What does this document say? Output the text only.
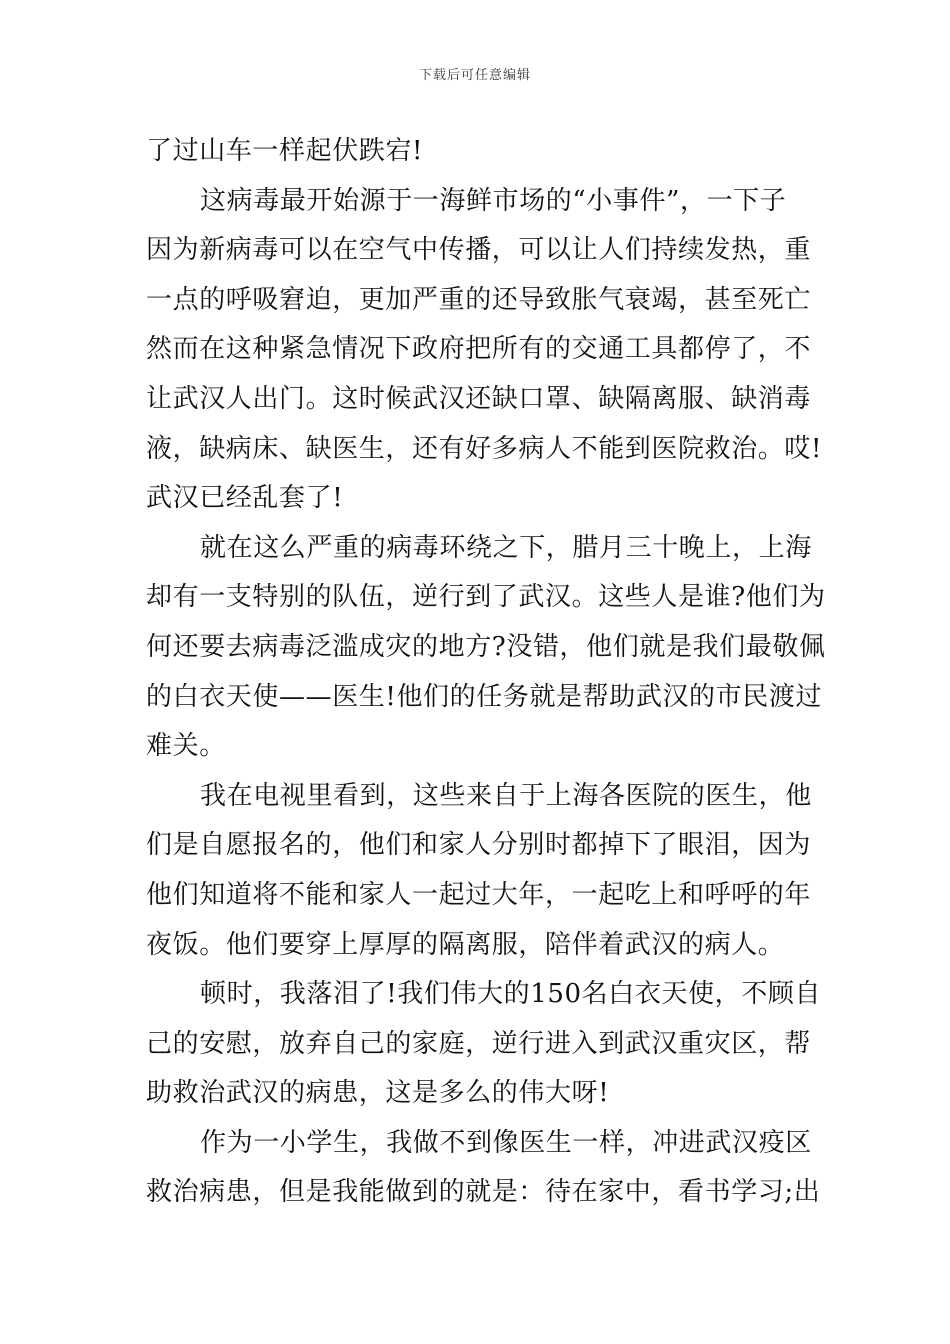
下载后可任意编辑
了过山车一样起伏跌宕!
这病毒最开始源于一海鲜市场的“小事件”，一下子
因为新病毒可以在空气中传播，可以让人们持续发热，重
一点的呼吸窘迫，更加严重的还导致胀气衰竭，甚至死亡
然而在这种紧急情况下政府把所有的交通工具都停了，不
让武汉人出门。这时候武汉还缺口罩、缺隔离服、缺消毒
液，缺病床、缺医生，还有好多病人不能到医院救治。哎!
武汉已经乱套了!
就在这么严重的病毒环绕之下，腊月三十晚上，上海
却有一支特别的队伍，逆行到了武汉。这些人是谁?他们为
何还要去病毒泛滥成灾的地方?没错，他们就是我们最敬佩
的白衣天使——医生!他们的任务就是帮助武汉的市民渡过
难关。
我在电视里看到，这些来自于上海各医院的医生，他
们是自愿报名的，他们和家人分别时都掉下了眼泪，因为
他们知道将不能和家人一起过大年，一起吃上和呼呼的年
夜饭。他们要穿上厚厚的隔离服，陪伴着武汉的病人。
顿时，我落泪了!我们伟大的150名白衣天使，不顾自
己的安慰，放弃自己的家庭，逆行进入到武汉重灾区，帮
助救治武汉的病患，这是多么的伟大呀!
作为一小学生，我做不到像医生一样，冲进武汉疫区
救治病患，但是我能做到的就是：待在家中，看书学习;出
